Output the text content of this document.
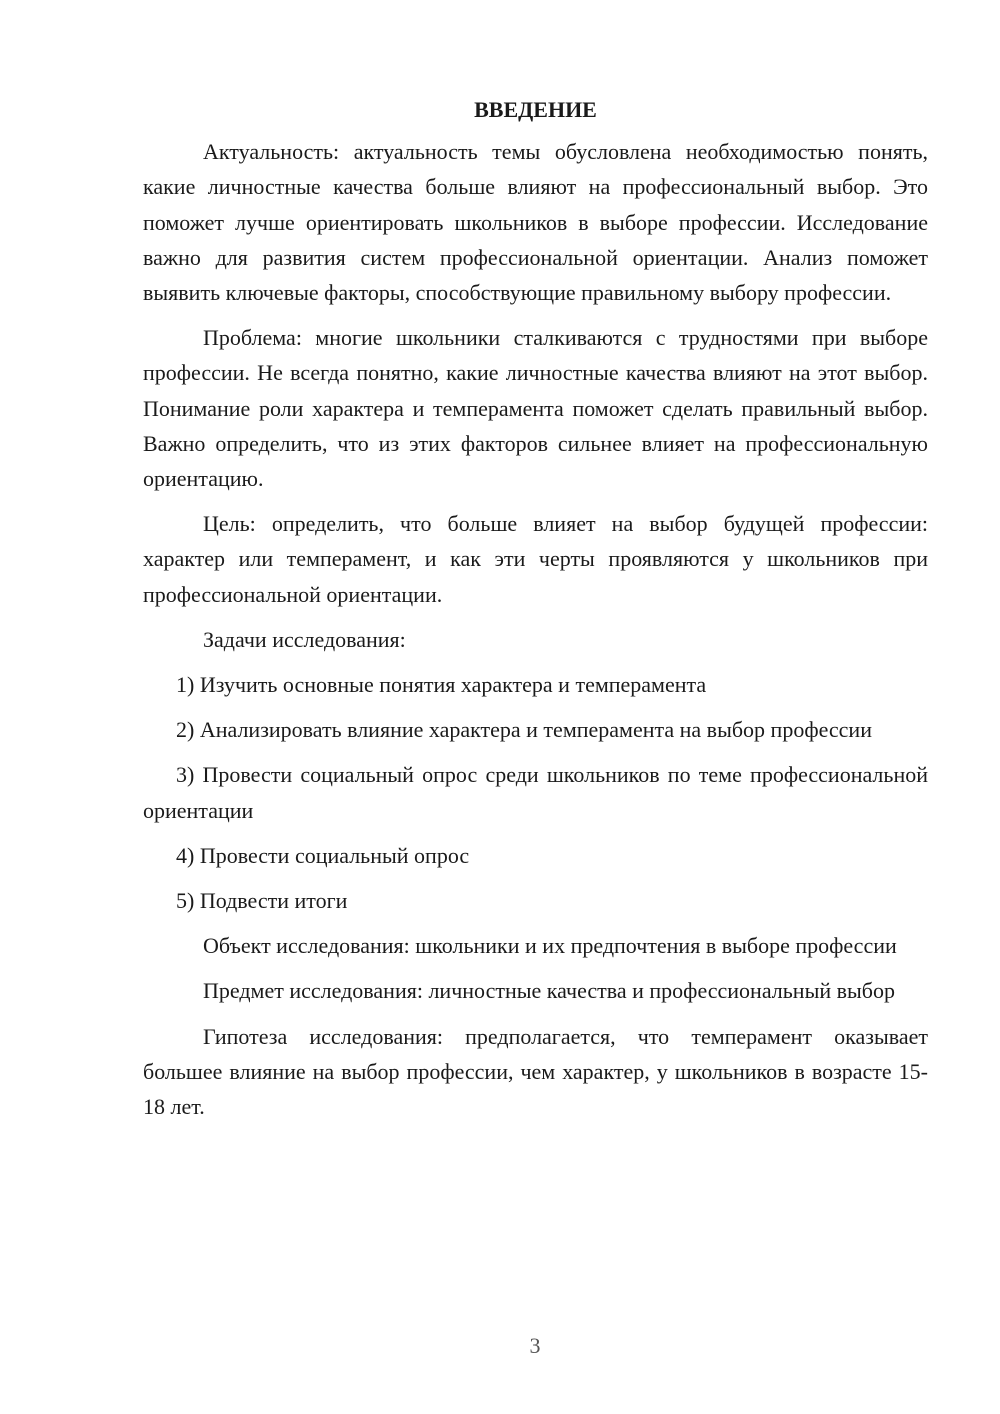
ВВЕДЕНИЕ

Актуальность: актуальность темы обусловлена необходимостью понять, какие личностные качества больше влияют на профессиональный выбор. Это поможет лучше ориентировать школьников в выборе профессии. Исследование важно для развития систем профессиональной ориентации. Анализ поможет выявить ключевые факторы, способствующие правильному выбору профессии.

Проблема: многие школьники сталкиваются с трудностями при выборе профессии. Не всегда понятно, какие личностные качества влияют на этот выбор. Понимание роли характера и темперамента поможет сделать правильный выбор. Важно определить, что из этих факторов сильнее влияет на профессиональную ориентацию.

Цель: определить, что больше влияет на выбор будущей профессии: характер или темперамент, и как эти черты проявляются у школьников при профессиональной ориентации.

Задачи исследования:

1) Изучить основные понятия характера и темперамента

2) Анализировать влияние характера и темперамента на выбор профессии

3) Провести социальный опрос среди школьников по теме профессиональной ориентации

4) Провести социальный опрос

5) Подвести итоги

Объект исследования: школьники и их предпочтения в выборе профессии

Предмет исследования: личностные качества и профессиональный выбор

Гипотеза исследования: предполагается, что темперамент оказывает большее влияние на выбор профессии, чем характер, у школьников в возрасте 15-18 лет.

3
